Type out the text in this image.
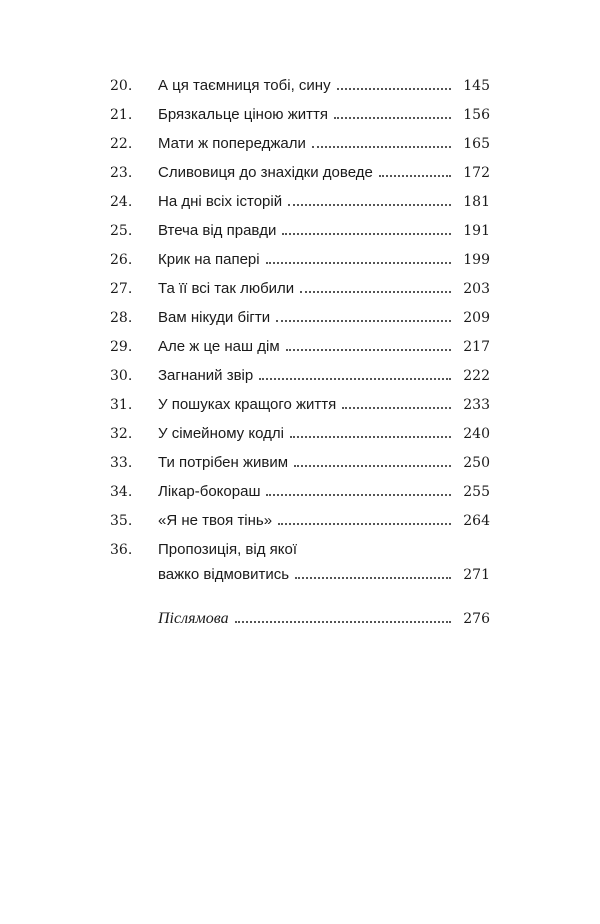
20. А ця таємниця тобі, сину	145
21. Брязкальце ціною життя	156
22. Мати ж попереджали	165
23. Сливовиця до знахідки доведе	172
24. На дні всіх історій	181
25. Втеча від правди	191
26. Крик на папері	199
27. Та її всі так любили	203
28. Вам нікуди бігти	209
29. Але ж це наш дім	217
30. Загнаний звір	222
31. У пошуках кращого життя	233
32. У сімейному кодлі	240
33. Ти потрібен живим	250
34. Лікар-бокораш	255
35. «Я не твоя тінь»	264
36. Пропозиція, від якої
важко відмовитись	271
Післямова	276
